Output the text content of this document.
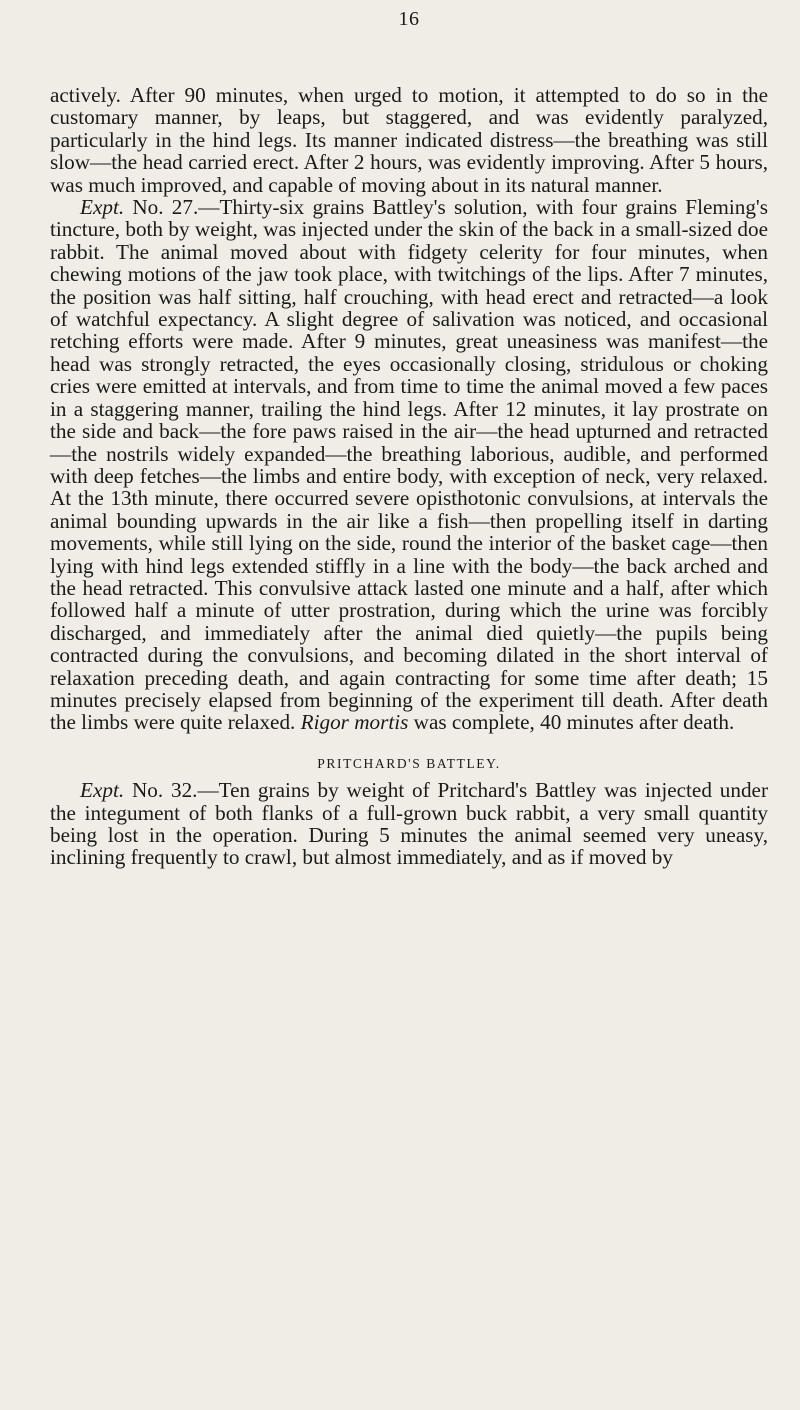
16

actively. After 90 minutes, when urged to motion, it attempted to do so in the customary manner, by leaps, but staggered, and was evidently paralyzed, particularly in the hind legs. Its manner indicated distress—the breathing was still slow—the head carried erect. After 2 hours, was evidently improving. After 5 hours, was much improved, and capable of moving about in its natural manner.

Expt. No. 27.—Thirty-six grains Battley's solution, with four grains Fleming's tincture, both by weight, was injected under the skin of the back in a small-sized doe rabbit. The animal moved about with fidgety celerity for four minutes, when chewing motions of the jaw took place, with twitchings of the lips. After 7 minutes, the position was half sitting, half crouching, with head erect and retracted—a look of watchful expectancy. A slight degree of salivation was noticed, and occasional retching efforts were made. After 9 minutes, great uneasiness was manifest—the head was strongly retracted, the eyes occasionally closing, stridulous or choking cries were emitted at intervals, and from time to time the animal moved a few paces in a staggering manner, trailing the hind legs. After 12 minutes, it lay prostrate on the side and back—the fore paws raised in the air—the head upturned and retracted—the nostrils widely expanded—the breathing laborious, audible, and performed with deep fetches—the limbs and entire body, with exception of neck, very relaxed. At the 13th minute, there occurred severe opisthotonic convulsions, at intervals the animal bounding upwards in the air like a fish—then propelling itself in darting movements, while still lying on the side, round the interior of the basket cage—then lying with hind legs extended stiffly in a line with the body—the back arched and the head retracted. This convulsive attack lasted one minute and a half, after which followed half a minute of utter prostration, during which the urine was forcibly discharged, and immediately after the animal died quietly—the pupils being contracted during the convulsions, and becoming dilated in the short interval of relaxation preceding death, and again contracting for some time after death; 15 minutes precisely elapsed from beginning of the experiment till death. After death the limbs were quite relaxed. Rigor mortis was complete, 40 minutes after death.

PRITCHARD'S BATTLEY.

Expt. No. 32.—Ten grains by weight of Pritchard's Battley was injected under the integument of both flanks of a full-grown buck rabbit, a very small quantity being lost in the operation. During 5 minutes the animal seemed very uneasy, inclining frequently to crawl, but almost immediately, and as if moved by
